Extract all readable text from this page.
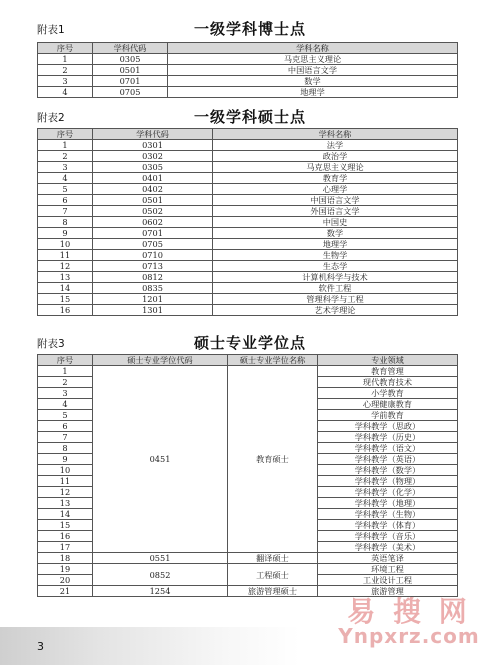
附表1	一级学科博士点
序号	学科代码	学科名称
1	0305	马克思主义理论
2	0501	中国语言文学
3	0701	数学
4	0705	地理学
附表2	一级学科硕士点
序号	学科代码	学科名称
1	0301	法学
2	0302	政治学
3	0305	马克思主义理论
4	0401	教育学
5	0402	心理学
6	0501	中国语言文学
7	0502	外国语言文学
8	0602	中国史
9	0701	数学
10	0705	地理学
11	0710	生物学
12	0713	生态学
13	0812	计算机科学与技术
14	0835	软件工程
15	1201	管理科学与工程
16	1301	艺术学理论
附表3	硕士专业学位点
序号	硕士专业学位代码	硕士专业学位名称	专业领域
1	0451	教育硕士	教育管理
2			现代教育技术
3			小学教育
4			心理健康教育
5			学前教育
6			学科教学（思政）
7			学科教学（历史）
8			学科教学（语文）
9			学科教学（英语）
10			学科教学（数学）
11			学科教学（物理）
12			学科教学（化学）
13			学科教学（地理）
14			学科教学（生物）
15			学科教学（体育）
16			学科教学（音乐）
17			学科教学（美术）
18	0551	翻译硕士	英语笔译
19	0852	工程硕士	环境工程
20			工业设计工程
21	1254	旅游管理硕士	旅游管理
3
易 搜 网
Ynpxrz.com
